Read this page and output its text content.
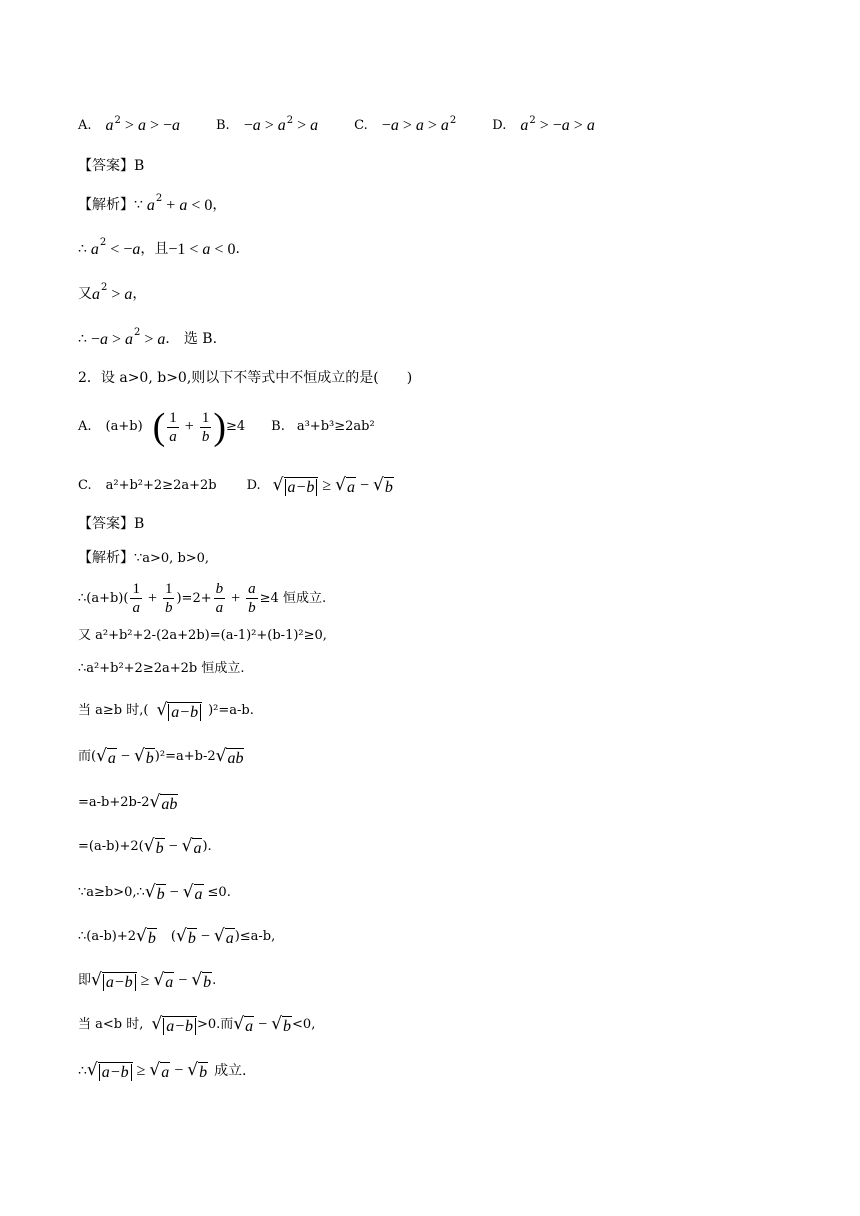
A. $a^2 > a > -a$	B. $-a > a^2 > a$	C. $-a > a > a^2$	D. $a^2 > -a > a$
【答案】B
【解析】 ∵ a 2 + a < 0 ，
∴ a 2 < − a ，且 −1 < a < 0 .
又 a 2 > a ，
∴ − a > a 2 > a ． 选 B.
2．设 a>0, b>0,则以下不等式中不恒成立的是(　　)
A. (a+b) ( $\frac{1}{a} + \frac{1}{b}$ ) ≥4 B. a³+b³≥2ab²
C. a²+b²+2≥2a+2b D. √ a−b ≥ √ a − √ b
【答案】B
【解析】 ∵a>0, b>0,
∴(a+b)( $\frac{1}{a} + \frac{1}{b} )=2+ \frac{b}{a} + \frac{a}{b} \ge 4$ 恒成立.
又 a²+b²+2-(2a+2b)=(a-1)²+(b-1)²≥0,
∴a²+b²+2≥2a+2b 恒成立.
当 a≥b 时,( √ a−b )²=a-b.
而( √ a − √ b )²=a+b-2 √ ab
=a-b+2b-2 √ ab
=(a-b)+2( √ b − √ a ).
∵a≥b>0,∴ √ b − √ a ≤0.
∴(a-b)+2 √ b ( √ b − √ a )≤a-b,
即 √ a−b ≥ √ a − √ b .
当 a<b 时, √ a−b >0.而 √ a − √ b <0,
∴ √ a−b ≥ √ a − √ b 成立.
